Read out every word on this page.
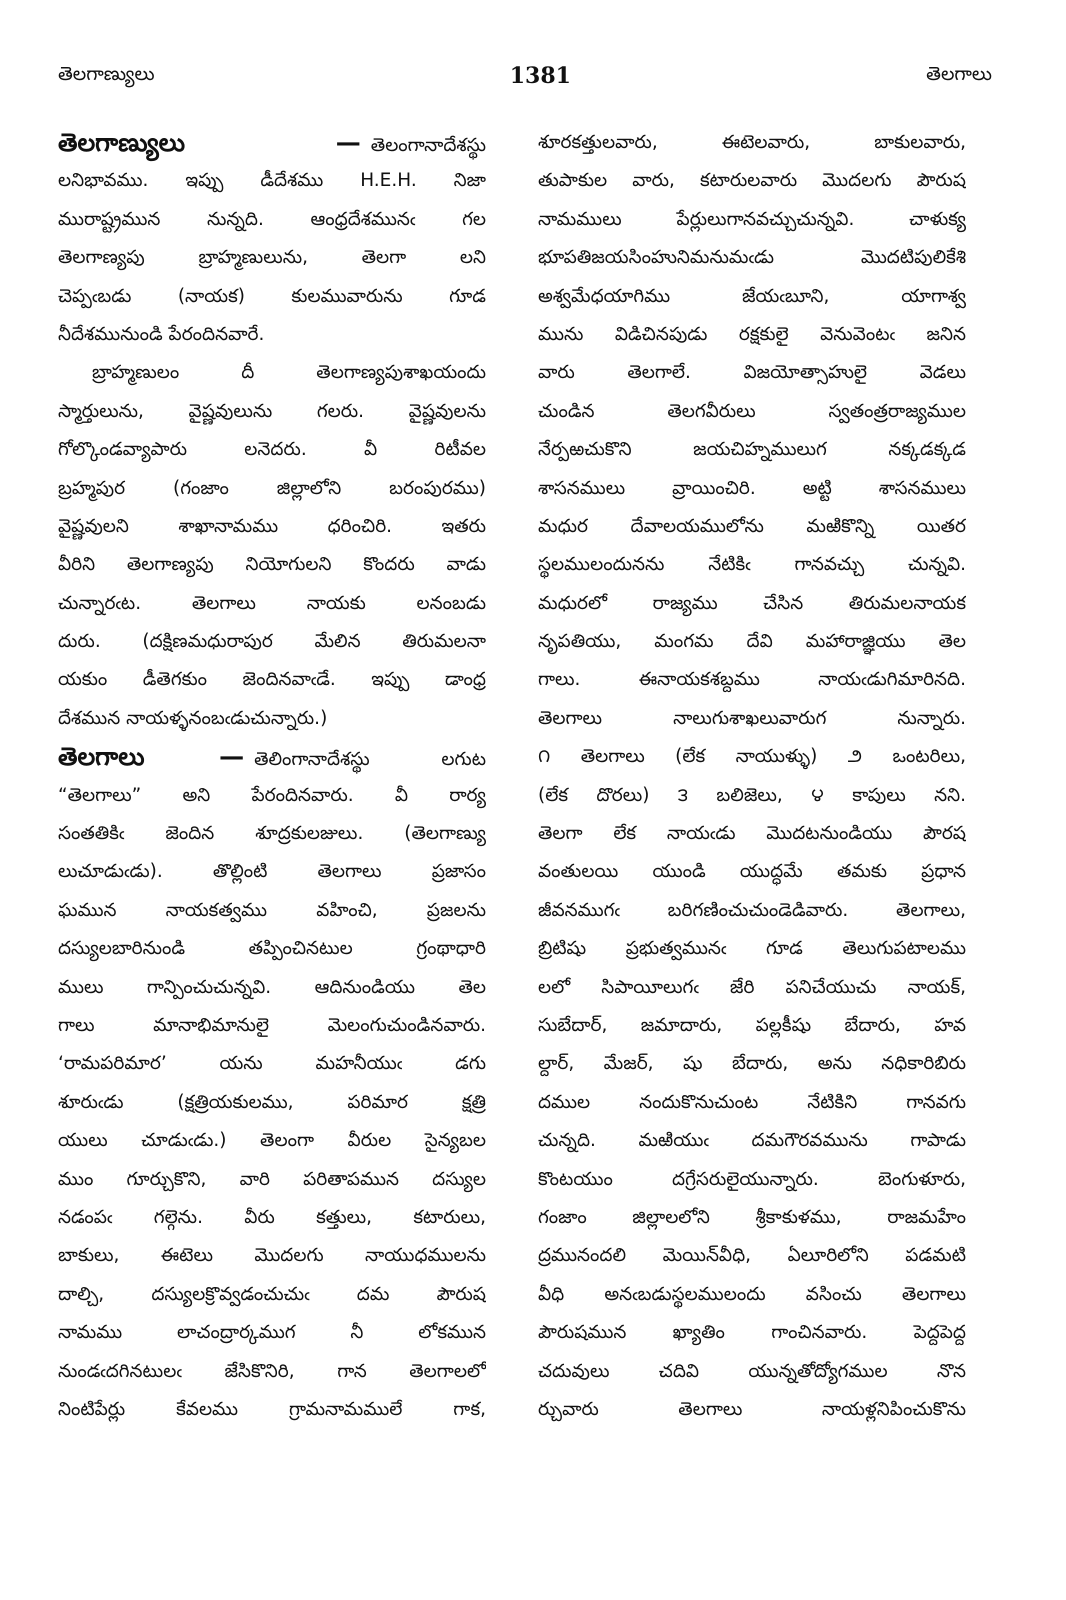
తెలగాణ్యులు	1381	తెలగాలు
తెలగాణ్యులు — తెలంగానాదేశస్థు
లనిభావము. ఇప్పు డీదేశము H.E.H. నిజా
మురాష్ట్రమున నున్నది. ఆంధ్రదేశమునఁ గల
తెలగాణ్యపు బ్రాహ్మణులును, తెలగా లని
చెప్పఁబడు (నాయక) కులమువారును గూడ
నీదేశమునుండి పేరందినవారే.
బ్రాహ్మణులం దీ తెలగాణ్యపుశాఖయందు
స్మార్తులును, వైష్ణవులును గలరు. వైష్ణవులను
గోల్కొండవ్యాపారు లనెదరు. వీ రిటీవల
బ్రహ్మపుర (గంజాం జిల్లాలోని బరంపురము)
వైష్ణవులని శాఖానామము ధరించిరి. ఇతరు
వీరిని తెలగాణ్యపు నియోగులని కొందరు వాడు
చున్నారఁట. తెలగాలు నాయకు లనంబడు
దురు. (దక్షిణమధురాపుర మేలిన తిరుమలనా
యకుం డీతెగకుం జెందినవాఁడే. ఇప్పు డాంధ్ర
దేశమున నాయళ్ళనంబఁడుచున్నారు.)
తెలగాలు — తెలింగానాదేశస్థు లగుట
“తెలగాలు” అని పేరందినవారు. వీ రార్య
సంతతికిఁ జెందిన శూద్రకులజులు. (తెలగాణ్యు
లుచూడుఁడు). తొల్లింటి తెలగాలు ప్రజాసం
ఘమున నాయకత్వము వహించి, ప్రజలను
దస్యులబారినుండి తప్పించినటుల గ్రంథాధారి
ములు గాన్పించుచున్నవి. ఆదినుండియు తెల
గాలు మానాభిమానులై మెలంగుచుండినవారు.
‘రామపరిమార’ యను మహనీయుఁ డగు
శూరుఁడు (క్షత్రియకులము, పరిమార క్షత్రి
యులు చూడుఁడు.) తెలంగా వీరుల సైన్యబల
ముం గూర్చుకొని, వారి పరితాపమున దస్యుల
నడంపఁ గల్గెను. వీరు కత్తులు, కటారులు,
బాకులు, ఈటెలు మొదలగు నాయుధములను
దాల్చి, దస్యులక్రొవ్వడంచుచుఁ దమ పౌరుష
నామము లాచంద్రార్కముగ నీ లోకమున
నుండఁదగినటులఁ జేసికొనిరి, గాన తెలగాలలో
నింటిపేర్లు కేవలము గ్రామనామములే గాక,
శూరకత్తులవారు, ఈటెలవారు, బాకులవారు,
తుపాకుల వారు, కటారులవారు మొదలగు పౌరుష
నామములు పేర్లులుగానవచ్చుచున్నవి. చాళుక్య
భూపతిజయసింహునిమనుమఁడు మొదటిపులికేశి
అశ్వమేధయాగిము జేయఁబూని, యాగాశ్వ
మును విడిచినపుడు రక్షకులై వెనువెంటఁ జనిన
వారు తెలగాలే. విజయోత్సాహులై వెడలు
చుండిన తెలగవీరులు స్వతంత్రరాజ్యముల
నేర్పఱచుకొని జయచిహ్నములుగ నక్కడక్కడ
శాసనములు వ్రాయించిరి. అట్టి శాసనములు
మధుర దేవాలయములోను మఱికొన్ని యితర
స్థలములందునను నేటికిఁ గానవచ్చు చున్నవి.
మధురలో రాజ్యము చేసిన తిరుమలనాయక
నృపతియు, మంగమ దేవి మహారాజ్ఞియు తెల
గాలు. ఈనాయకశబ్దము నాయఁడుగిమారినది.
తెలగాలు నాలుగుశాఖలువారుగ నున్నారు.
౧ తెలగాలు (లేక నాయుళ్ళు) ౨ ఒంటరిలు,
(లేక దొరలు) ౩ బలిజెలు, ౪ కాపులు నని.
తెలగా లేక నాయఁడు మొదటనుండియు పౌరష
వంతులయి యుండి యుద్ధమే తమకు ప్రధాన
జీవనముగఁ బరిగణించుచుండెడివారు. తెలగాలు,
బ్రిటిషు ప్రభుత్వమునఁ గూడ తెలుగుపటాలము
లలో సిపాయీలుగఁ జేరి పనిచేయుచు నాయక్,
సుబేదార్, జమాదారు, పల్లకీషు బేదారు, హవ
ల్దార్, మేజర్, షు బేదారు, అను నధికారిబిరు
దముల నందుకొనుచుంట నేటికిని గానవగు
చున్నది. మఱియుఁ దమగౌరవమును గాపాడు
కొంటయుం దగ్రేసరులైయున్నారు. బెంగుళూరు,
గంజాం జిల్లాలలోని శ్రీకాకుళము, రాజమహేం
ద్రమునందలి మెయిన్‌వీధి, ఏలూరిలోని పడమటి
వీధి అనఁబడుస్థలములందు వసించు తెలగాలు
పౌరుషమున ఖ్యాతిం గాంచినవారు. పెద్దపెద్ద
చదువులు చదివి యున్నతోద్యోగముల నొన
ర్చువారు తెలగాలు నాయళ్లనిపించుకొను
